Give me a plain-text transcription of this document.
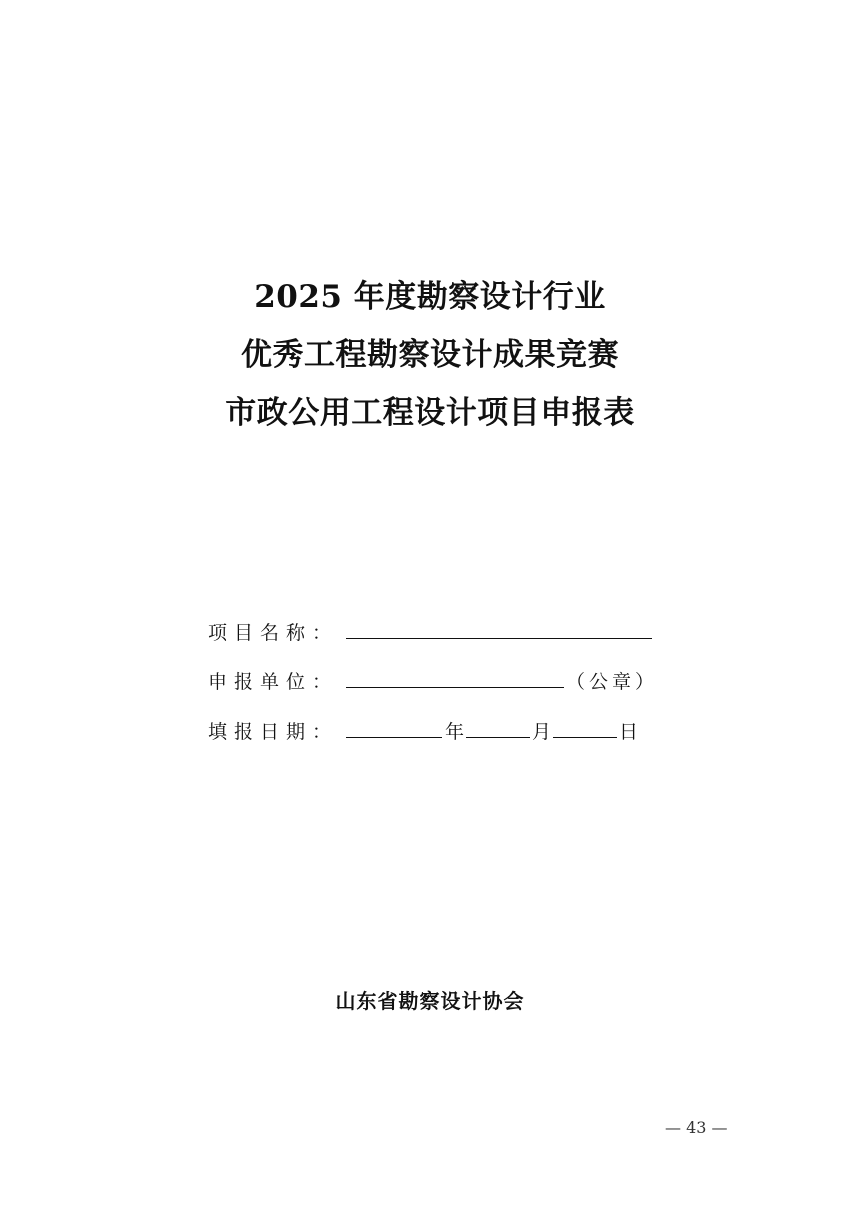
2025 年度勘察设计行业
优秀工程勘察设计成果竞赛
市政公用工程设计项目申报表
项目名称：
申报单位：	（公章）
填报日期：	年	月	日
山东省勘察设计协会
— 43 —
